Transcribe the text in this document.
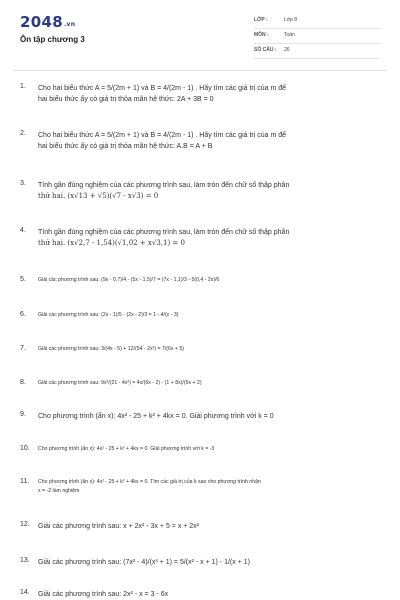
2048.vn
Ôn tập chương 3
LỚP :	Lớp 8
MÔN :	Toán
SỐ CÂU : 26
1. Cho hai biểu thức A = 5/(2m + 1) và B = 4/(2m - 1) . Hãy tìm các giá trị của m để
hai biểu thức ấy có giá trị thỏa mãn hệ thức: 2A + 3B = 0
2. Cho hai biểu thức A = 5/(2m + 1) và B = 4/(2m - 1) . Hãy tìm các giá trị của m để
hai biểu thức ấy có giá trị thỏa mãn hệ thức: A.B = A + B
3. Tính gần đúng nghiệm của các phương trình sau, làm tròn đến chữ số thập phân
thứ hai. (x√13 + √5)(√7 - x√3) = 0
4. Tính gần đúng nghiệm của các phương trình sau, làm tròn đến chữ số thập phân
thứ hai. (x√2,7 - 1,54)(√1,02 + x√3,1) = 0
5. Giải các phương trình sau: (9x - 0,7)/4 - (5x - 1,5)/7 = (7x - 1,1)/3 - 5(0,4 - 2x)/6
6. Giải các phương trình sau: (2x - 1)/5 - (2x - 2)/3 = 1 - 4/(x - 3)
7. Giải các phương trình sau: 3/(4x - 5) + 12/(54 - 2x²) = 7/(6x + 5)
8. Giải các phương trình sau: 9x²/(21 - 4x²) = 4x/(6x - 2) - (1 + 8x)/(6x + 2)
9. Cho phương trình (ẩn x): 4x² - 25 + k² + 4kx = 0. Giải phương trình với k = 0
10. Cho phương trình (ẩn x): 4x² - 25 + k² + 4kx = 0. Giải phương trình với k = -3
11. Cho phương trình (ẩn x): 4x² - 25 + k² + 4kx = 0. Tìm các giá trị của k sao cho phương trình nhận
x = -2 làm nghiệm
12. Giải các phương trình sau: x + 2x² - 3x + 5 = x + 2x²
13. Giải các phương trình sau: (7x² - 4)/(x³ + 1) = 5/(x² - x + 1) - 1/(x + 1)
14. Giải các phương trình sau: 2x² - x = 3 - 6x
